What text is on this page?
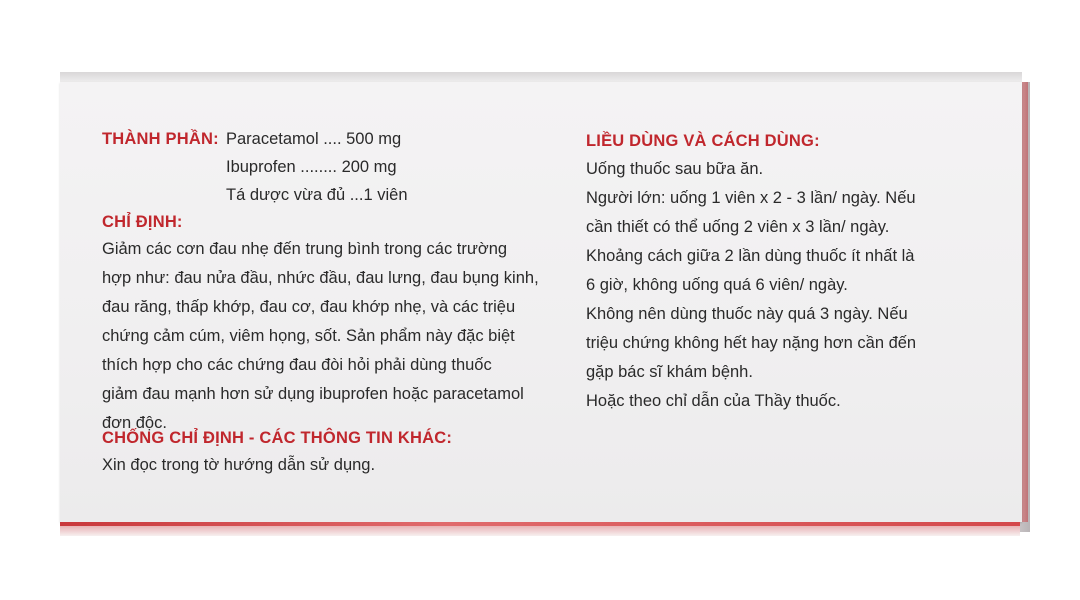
THÀNH PHẦN: Paracetamol .... 500 mg
Ibuprofen ........ 200 mg
Tá dược vừa đủ ...1 viên
CHỈ ĐỊNH:
Giảm các cơn đau nhẹ đến trung bình trong các trường
hợp như: đau nửa đầu, nhức đầu, đau lưng, đau bụng kinh,
đau răng, thấp khớp, đau cơ, đau khớp nhẹ, và các triệu
chứng cảm cúm, viêm họng, sốt. Sản phẩm này đặc biệt
thích hợp cho các chứng đau đòi hỏi phải dùng thuốc
giảm đau mạnh hơn sử dụng ibuprofen hoặc paracetamol
đơn độc.
CHỐNG CHỈ ĐỊNH - CÁC THÔNG TIN KHÁC:
Xin đọc trong tờ hướng dẫn sử dụng.
LIỀU DÙNG VÀ CÁCH DÙNG:
Uống thuốc sau bữa ăn.
Người lớn: uống 1 viên x 2 - 3 lần/ ngày. Nếu
cần thiết có thể uống 2 viên x 3 lần/ ngày.
Khoảng cách giữa 2 lần dùng thuốc ít nhất là
6 giờ, không uống quá 6 viên/ ngày.
Không nên dùng thuốc này quá 3 ngày. Nếu
triệu chứng không hết hay nặng hơn cần đến
gặp bác sĩ khám bệnh.
Hoặc theo chỉ dẫn của Thầy thuốc.
